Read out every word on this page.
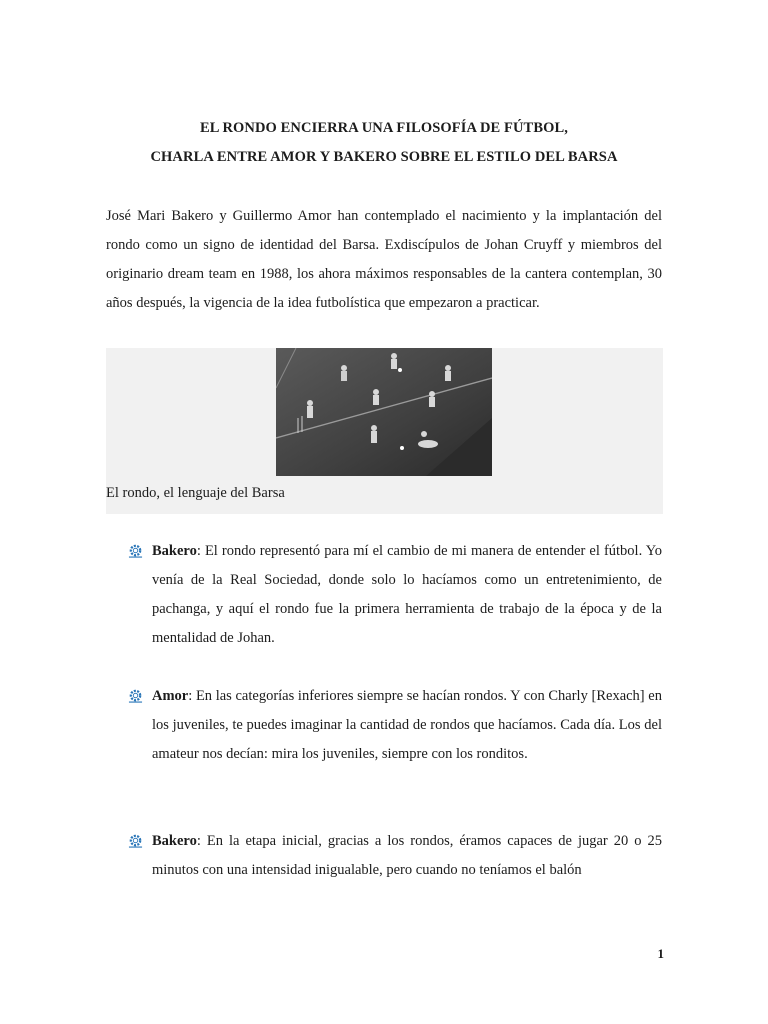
EL RONDO ENCIERRA UNA FILOSOFÍA DE FÚTBOL,
CHARLA ENTRE AMOR Y BAKERO SOBRE EL ESTILO DEL BARSA

José Mari Bakero y Guillermo Amor han contemplado el nacimiento y la implantación del rondo como un signo de identidad del Barsa. Exdiscípulos de Johan Cruyff y miembros del originario dream team en 1988, los ahora máximos responsables de la cantera contemplan, 30 años después, la vigencia de la idea futbolística que empezaron a practicar.

El rondo, el lenguaje del Barsa

Bakero: El rondo representó para mí el cambio de mi manera de entender el fútbol. Yo venía de la Real Sociedad, donde solo lo hacíamos como un entretenimiento, de pachanga, y aquí el rondo fue la primera herramienta de trabajo de la época y de la mentalidad de Johan.

Amor: En las categorías inferiores siempre se hacían rondos. Y con Charly [Rexach] en los juveniles, te puedes imaginar la cantidad de rondos que hacíamos. Cada día. Los del amateur nos decían: mira los juveniles, siempre con los ronditos.

Bakero: En la etapa inicial, gracias a los rondos, éramos capaces de jugar 20 o 25 minutos con una intensidad inigualable, pero cuando no teníamos el balón

1
